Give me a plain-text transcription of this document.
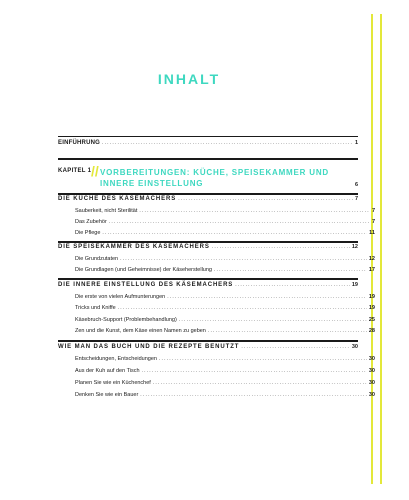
INHALT
EINFÜHRUNG .....	1
KAPITEL 1 // VORBEREITUNGEN: KÜCHE, SPEISEKAMMER UND
INNERE EINSTELLUNG	6
DIE KÜCHE DES KÄSEMACHERS .....	7
Sauberkeit, nicht Sterilität .....	7
Das Zubehör .....	7
Die Pflege .....	11
DIE SPEISEKAMMER DES KÄSEMACHERS .....	12
Die Grundzutaten .....	12
Die Grundlagen (und Geheimnisse) der Käseherstellung .....	17
DIE INNERE EINSTELLUNG DES KÄSEMACHERS .....	19
Die erste von vielen Aufmunterungen .....	19
Tricks und Kniffe .....	19
Käsebruch-Support (Problembehandlung) .....	25
Zen und die Kunst, dem Käse einen Namen zu geben .....	28
WIE MAN DAS BUCH UND DIE REZEPTE BENUTZT .....	30
Entscheidungen, Entscheidungen .....	30
Aus der Kuh auf den Tisch .....	30
Planen Sie wie ein Küchenchef .....	30
Denken Sie wie ein Bauer .....	30
